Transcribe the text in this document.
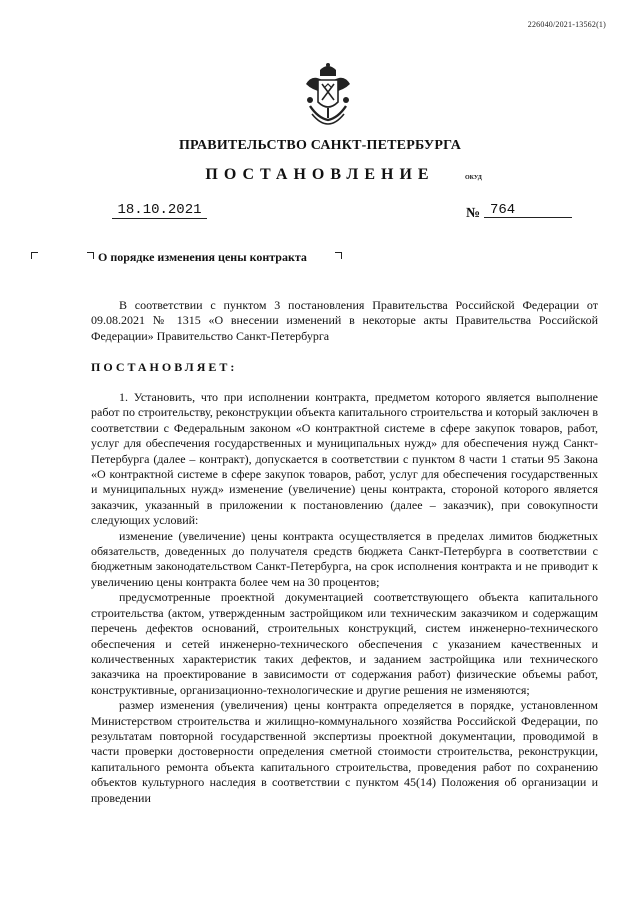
226040/2021-13562(1)
ПРАВИТЕЛЬСТВО САНКТ-ПЕТЕРБУРГА
ПОСТАНОВЛЕНИЕ	ОКУД
18.10.2021	№ 764
О порядке изменения цены контракта

В соответствии с пунктом 3 постановления Правительства Российской Федерации от 09.08.2021 № 1315 «О внесении изменений в некоторые акты Правительства Российской Федерации» Правительство Санкт-Петербурга

ПОСТАНОВЛЯЕТ:

1. Установить, что при исполнении контракта, предметом которого является выполнение работ по строительству, реконструкции объекта капитального строительства и который заключен в соответствии с Федеральным законом «О контрактной системе в сфере закупок товаров, работ, услуг для обеспечения государственных и муниципальных нужд» для обеспечения нужд Санкт-Петербурга (далее – контракт), допускается в соответствии с пунктом 8 части 1 статьи 95 Закона «О контрактной системе в сфере закупок товаров, работ, услуг для обеспечения государственных и муниципальных нужд» изменение (увеличение) цены контракта, стороной которого является заказчик, указанный в приложении к постановлению (далее – заказчик), при совокупности следующих условий:

изменение (увеличение) цены контракта осуществляется в пределах лимитов бюджетных обязательств, доведенных до получателя средств бюджета Санкт-Петербурга в соответствии с бюджетным законодательством Санкт-Петербурга, на срок исполнения контракта и не приводит к увеличению цены контракта более чем на 30 процентов;

предусмотренные проектной документацией соответствующего объекта капитального строительства (актом, утвержденным застройщиком или техническим заказчиком и содержащим перечень дефектов оснований, строительных конструкций, систем инженерно-технического обеспечения и сетей инженерно-технического обеспечения с указанием качественных и количественных характеристик таких дефектов, и заданием застройщика или технического заказчика на проектирование в зависимости от содержания работ) физические объемы работ, конструктивные, организационно-технологические и другие решения не изменяются;

размер изменения (увеличения) цены контракта определяется в порядке, установленном Министерством строительства и жилищно-коммунального хозяйства Российской Федерации, по результатам повторной государственной экспертизы проектной документации, проводимой в части проверки достоверности определения сметной стоимости строительства, реконструкции, капитального ремонта объекта капитального строительства, проведения работ по сохранению объектов культурного наследия в соответствии с пунктом 45(14) Положения об организации и проведении
